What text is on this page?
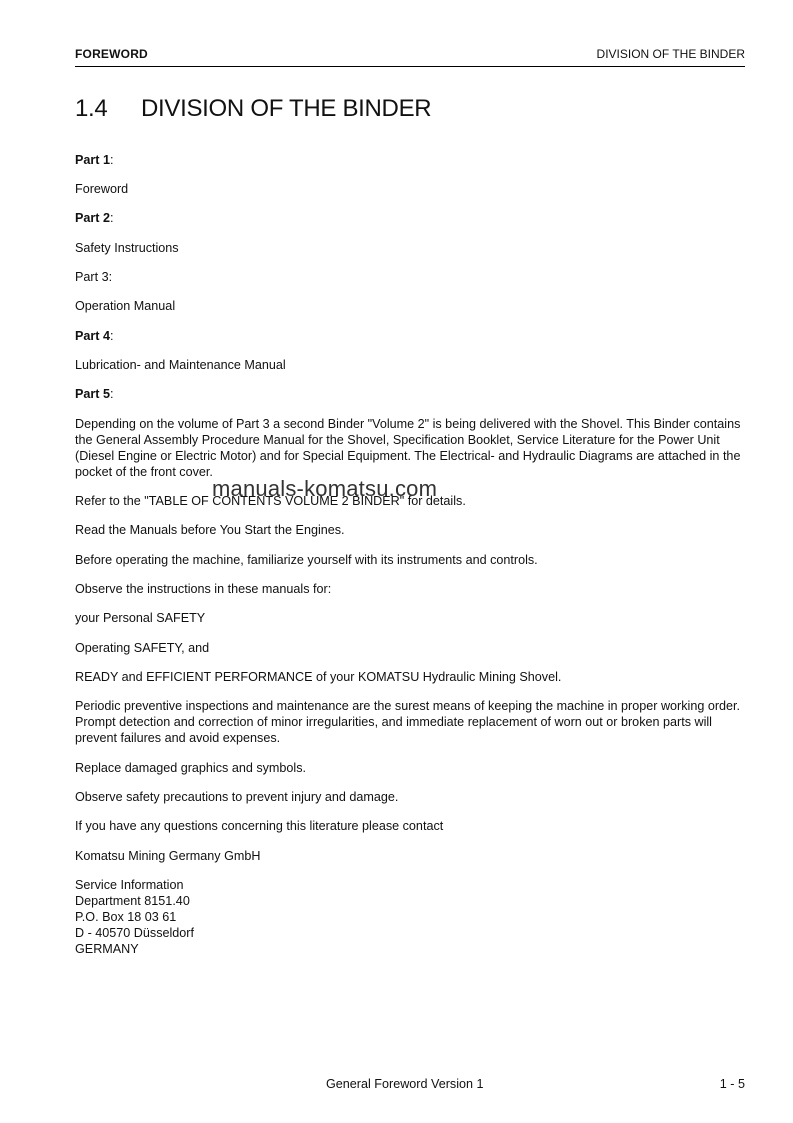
FOREWORD	DIVISION OF THE BINDER
1.4 DIVISION OF THE BINDER
Part 1:
Foreword
Part 2:
Safety Instructions
Part 3:
Operation Manual
Part 4:
Lubrication- and Maintenance Manual
Part 5:
Depending on the volume of Part 3 a second Binder "Volume 2" is being delivered with the Shovel. This Binder contains the General Assembly Procedure Manual for the Shovel, Specification Booklet, Service Literature for the Power Unit (Diesel Engine or Electric Motor) and for Special Equipment. The Electrical- and Hydraulic Diagrams are attached in the pocket of the front cover.
Refer to the "TABLE OF CONTENTS VOLUME 2 BINDER" for details.
Read the Manuals before You Start the Engines.
Before operating the machine, familiarize yourself with its instruments and controls.
Observe the instructions in these manuals for:
your Personal SAFETY
Operating SAFETY, and
READY and EFFICIENT PERFORMANCE of your KOMATSU Hydraulic Mining Shovel.
Periodic preventive inspections and maintenance are the surest means of keeping the machine in proper working order. Prompt detection and correction of minor irregularities, and immediate replacement of worn out or broken parts will prevent failures and avoid expenses.
Replace damaged graphics and symbols.
Observe safety precautions to prevent injury and damage.
If you have any questions concerning this literature please contact
Komatsu Mining Germany GmbH
Service Information
Department 8151.40
P.O. Box 18 03 61
D - 40570 Düsseldorf
GERMANY
manuals-komatsu.com
General Foreword Version 1	1 - 5
